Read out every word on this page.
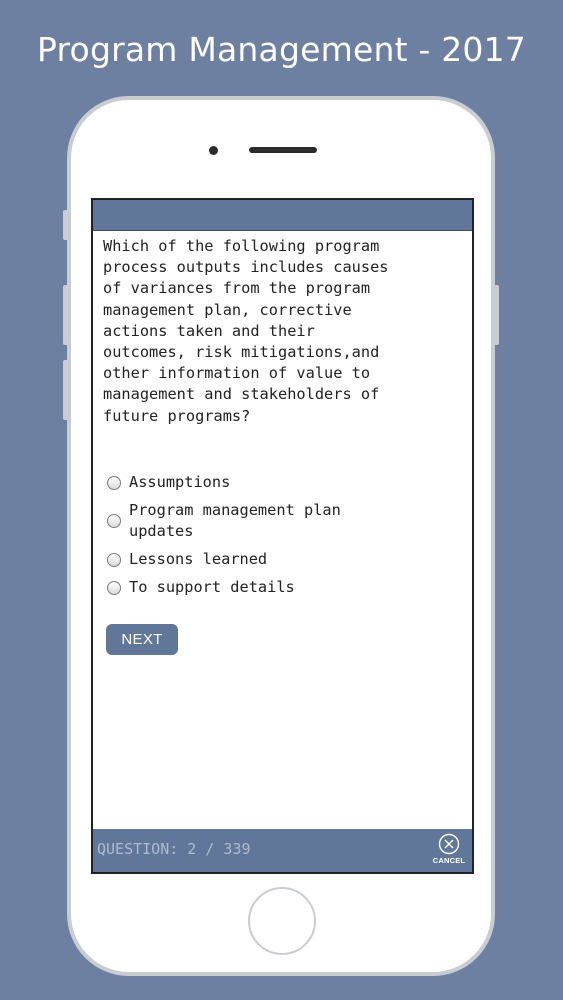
Program Management - 2017
Which of the following program
process outputs includes causes
of variances from the program
management plan, corrective
actions taken and their
outcomes, risk mitigations,and
other information of value to
management and stakeholders of
future programs?
Assumptions
Program management plan
updates
Lessons learned
To support details
NEXT
QUESTION: 2 / 339
CANCEL
